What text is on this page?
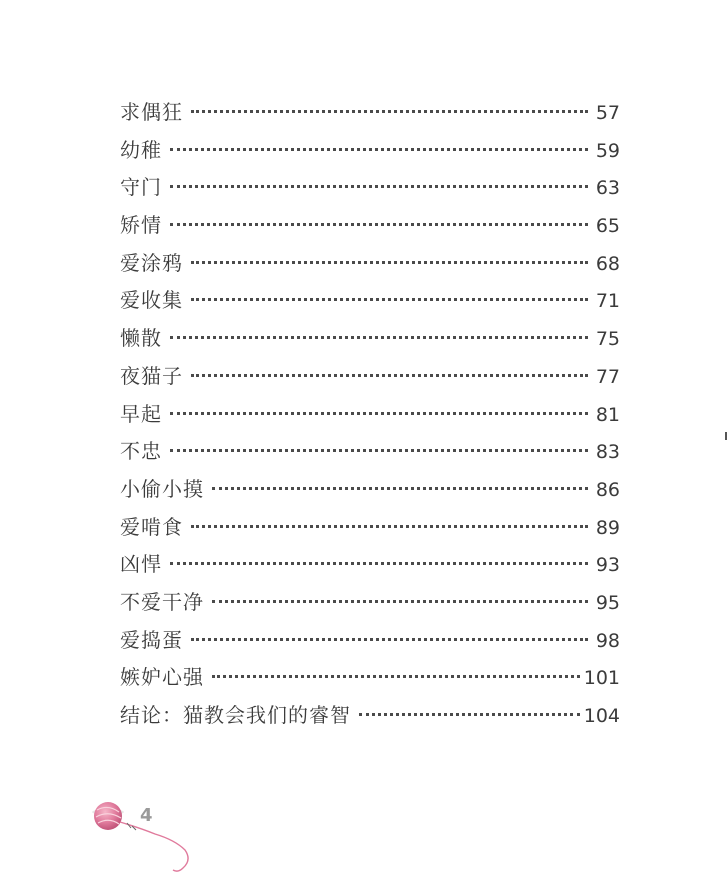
求偶狂	57
幼稚	59
守门	63
矫情	65
爱涂鸦	68
爱收集	71
懒散	75
夜猫子	77
早起	81
不忠	83
小偷小摸	86
爱啃食	89
凶悍	93
不爱干净	95
爱捣蛋	98
嫉妒心强	101
结论：猫教会我们的睿智	104
4
